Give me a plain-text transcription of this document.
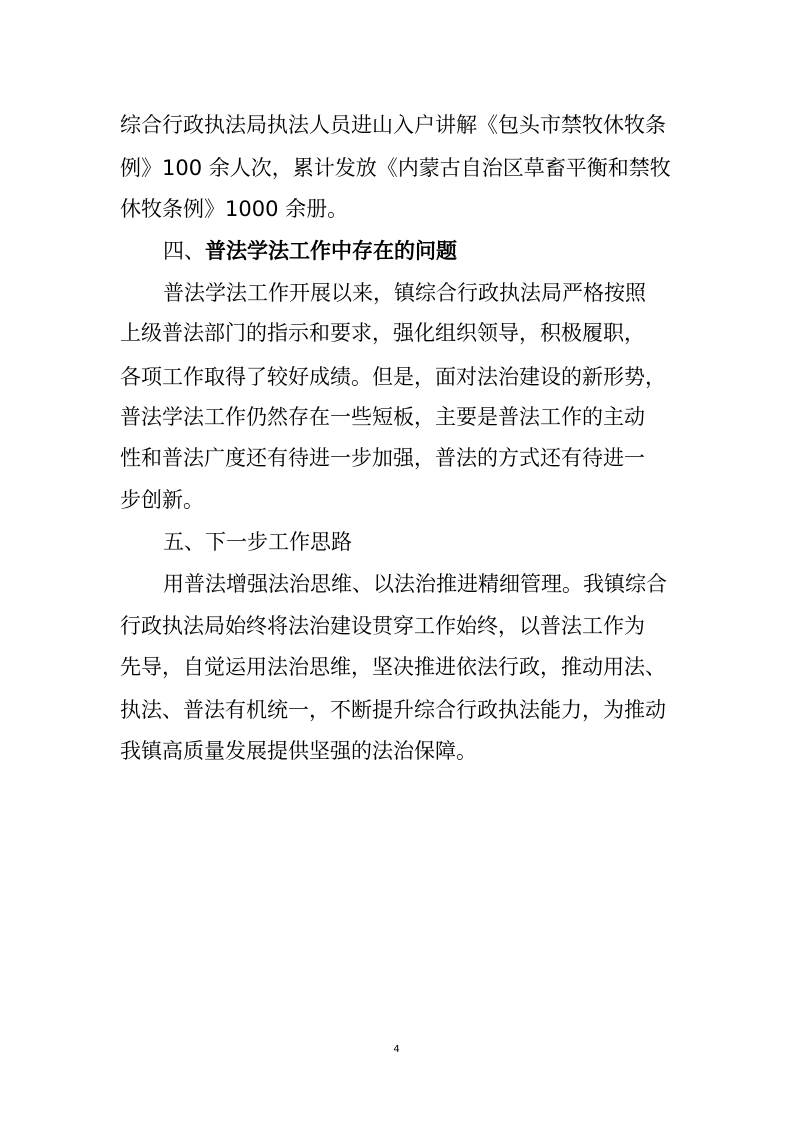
综合行政执法局执法人员进山入户讲解《包头市禁牧休牧条

例》100 余人次，累计发放《内蒙古自治区草畜平衡和禁牧

休牧条例》1000 余册。

四、普法学法工作中存在的问题

普法学法工作开展以来，镇综合行政执法局严格按照

上级普法部门的指示和要求，强化组织领导，积极履职，

各项工作取得了较好成绩。但是，面对法治建设的新形势，

普法学法工作仍然存在一些短板，主要是普法工作的主动

性和普法广度还有待进一步加强，普法的方式还有待进一

步创新。

五、下一步工作思路

用普法增强法治思维、以法治推进精细管理。我镇综合

行政执法局始终将法治建设贯穿工作始终，以普法工作为

先导，自觉运用法治思维，坚决推进依法行政，推动用法、

执法、普法有机统一，不断提升综合行政执法能力，为推动

我镇高质量发展提供坚强的法治保障。

4
